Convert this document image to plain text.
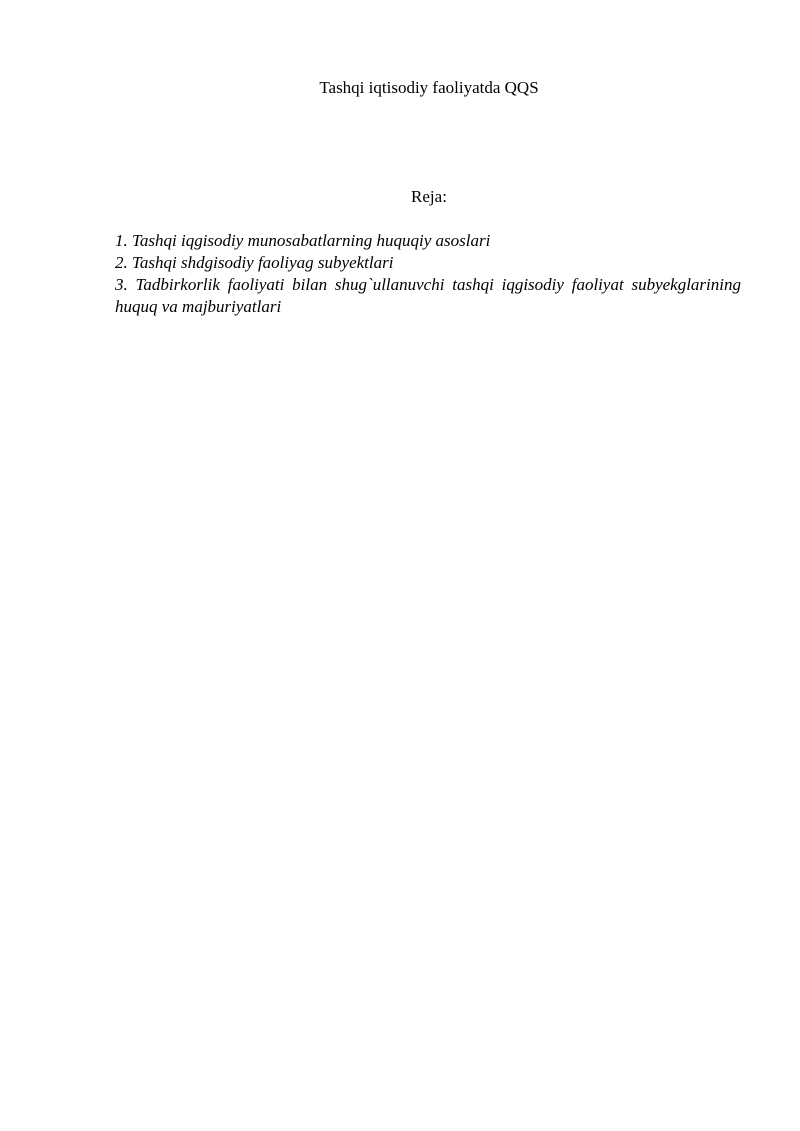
Tashqi iqtisodiy faoliyatda QQS
Reja:
1. Tashqi iqgisodiy munosabatlarning huquqiy asoslari
2. Tashqi shdgisodiy faoliyag subyektlari
3. Tadbirkorlik faoliyati bilan shug`ullanuvchi tashqi iqgisodiy faoliyat subyekglarining huquq va majburiyatlari
